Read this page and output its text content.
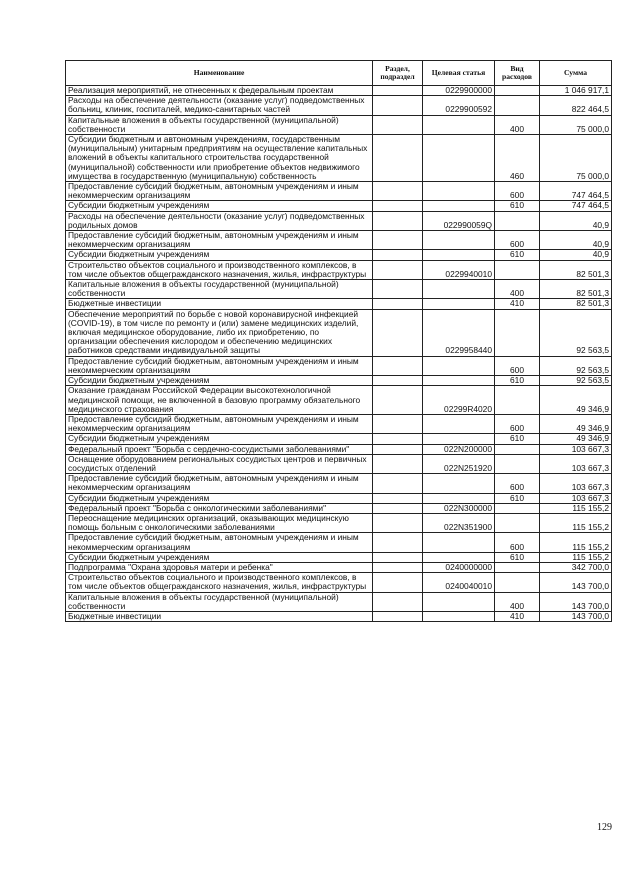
Наименование	Раздел, подраздел	Целевая статья	Вид расходов	Сумма
Реализация мероприятий, не отнесенных к федеральным проектам		0229900000		1 046 917,1
Расходы на обеспечение деятельности (оказание услуг) подведомственных больниц, клиник, госпиталей, медико-санитарных частей		0229900592		822 464,5
Капитальные вложения в объекты государственной (муниципальной) собственности			400	75 000,0
Субсидии бюджетным и автономным учреждениям, государственным (муниципальным) унитарным предприятиям на осуществление капитальных вложений в объекты капитального строительства государственной (муниципальной) собственности или приобретение объектов недвижимого имущества в государственную (муниципальную) собственность			460	75 000,0
Предоставление субсидий бюджетным, автономным учреждениям и иным некоммерческим организациям			600	747 464,5
Субсидии бюджетным учреждениям			610	747 464,5
Расходы на обеспечение деятельности (оказание услуг) подведомственных родильных домов		022990059Q		40,9
Предоставление субсидий бюджетным, автономным учреждениям и иным некоммерческим организациям			600	40,9
Субсидии бюджетным учреждениям			610	40,9
Строительство объектов социального и производственного комплексов, в том числе объектов общегражданского назначения, жилья, инфраструктуры		0229940010		82 501,3
Капитальные вложения в объекты государственной (муниципальной) собственности			400	82 501,3
Бюджетные инвестиции			410	82 501,3
Обеспечение мероприятий по борьбе с новой коронавирусной инфекцией (COVID-19), в том числе по ремонту и (или) замене медицинских изделий, включая медицинское оборудование, либо их приобретению, по организации обеспечения кислородом и обеспечению медицинских работников средствами индивидуальной защиты		0229958440		92 563,5
Предоставление субсидий бюджетным, автономным учреждениям и иным некоммерческим организациям			600	92 563,5
Субсидии бюджетным учреждениям			610	92 563,5
Оказание гражданам Российской Федерации высокотехнологичной медицинской помощи, не включенной в базовую программу обязательного медицинского страхования		02299R4020		49 346,9
Предоставление субсидий бюджетным, автономным учреждениям и иным некоммерческим организациям			600	49 346,9
Субсидии бюджетным учреждениям			610	49 346,9
Федеральный проект "Борьба с сердечно-сосудистыми заболеваниями"		022N200000		103 667,3
Оснащение оборудованием региональных сосудистых центров и первичных сосудистых отделений		022N251920		103 667,3
Предоставление субсидий бюджетным, автономным учреждениям и иным некоммерческим организациям			600	103 667,3
Субсидии бюджетным учреждениям			610	103 667,3
Федеральный проект "Борьба с онкологическими заболеваниями"		022N300000		115 155,2
Переоснащение медицинских организаций, оказывающих медицинскую помощь больным с онкологическими заболеваниями		022N351900		115 155,2
Предоставление субсидий бюджетным, автономным учреждениям и иным некоммерческим организациям			600	115 155,2
Субсидии бюджетным учреждениям			610	115 155,2
Подпрограмма "Охрана здоровья матери и ребенка"		0240000000		342 700,0
Строительство объектов социального и производственного комплексов, в том числе объектов общегражданского назначения, жилья, инфраструктуры		0240040010		143 700,0
Капитальные вложения в объекты государственной (муниципальной) собственности			400	143 700,0
Бюджетные инвестиции			410	143 700,0
129
